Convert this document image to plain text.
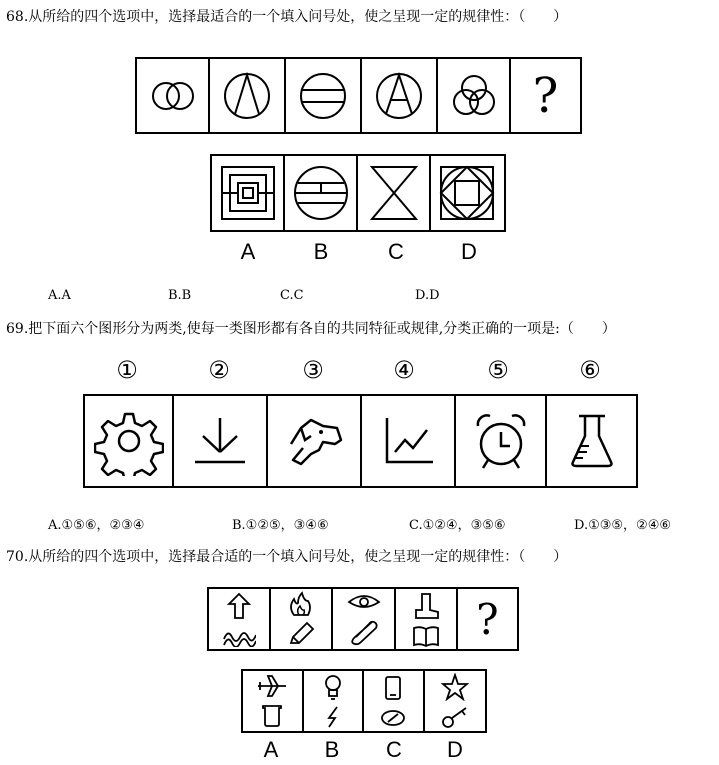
68.从所给的四个选项中，选择最适合的一个填入问号处，使之呈现一定的规律性：（　　）
?
A	B	C	D
A.A	B.B	C.C	D.D
69.把下面六个图形分为两类,使每一类图形都有各自的共同特征或规律,分类正确的一项是:（　　）
①	②	③	④	⑤	⑥
A.①⑤⑥，②③④	B.①②⑤，③④⑥	C.①②④，③⑤⑥	D.①③⑤，②④⑥
70.从所给的四个选项中，选择最合适的一个填入问号处，使之呈现一定的规律性：（　　）
?
A	B	C	D
